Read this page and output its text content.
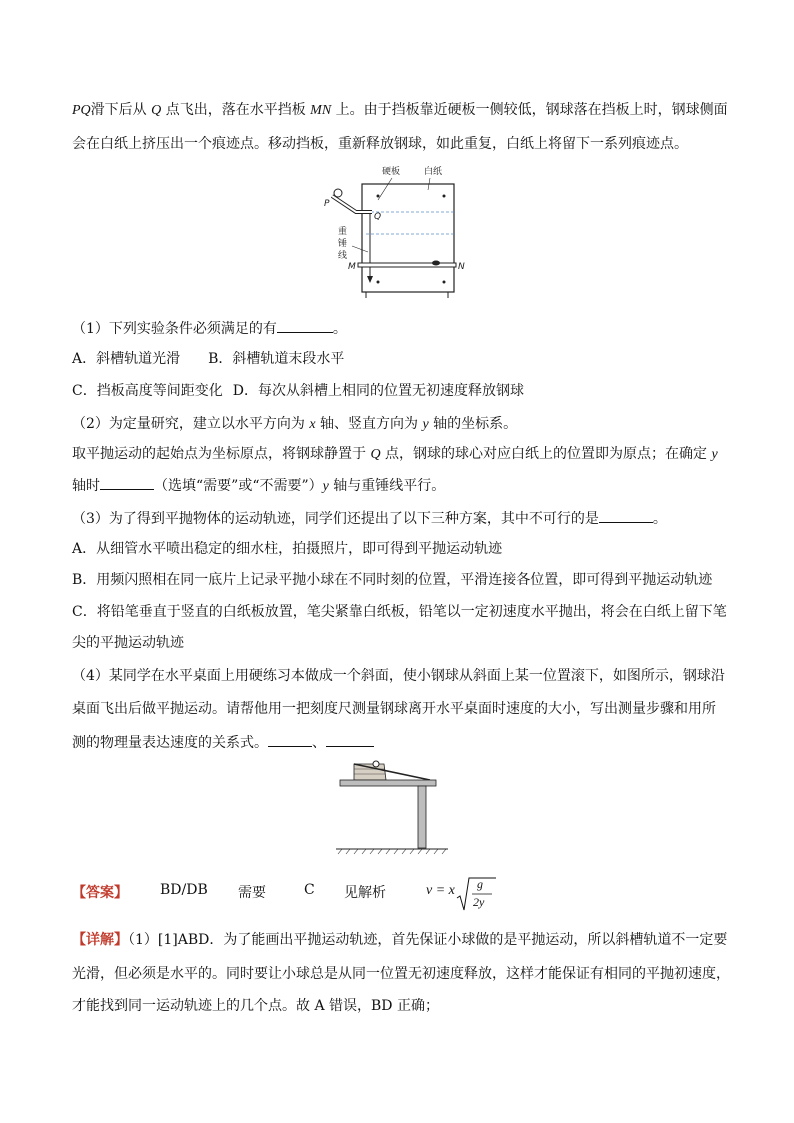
PQ滑下后从 Q 点飞出，落在水平挡板 MN 上。由于挡板靠近硬板一侧较低，钢球落在挡板上时，钢球侧面
会在白纸上挤压出一个痕迹点。移动挡板，重新释放钢球，如此重复，白纸上将留下一系列痕迹点。
硬板	白纸
P
Q
重
锤
线
M	N
（1）下列实验条件必须满足的有	。
A．斜槽轨道光滑 B．斜槽轨道末段水平
C．挡板高度等间距变化 D．每次从斜槽上相同的位置无初速度释放钢球
（2）为定量研究，建立以水平方向为 x 轴、竖直方向为 y 轴的坐标系。
取平抛运动的起始点为坐标原点，将钢球静置于 Q 点，钢球的球心对应白纸上的位置即为原点；在确定 y
轴时	（选填“需要”或“不需要”）y 轴与重锤线平行。
（3）为了得到平抛物体的运动轨迹，同学们还提出了以下三种方案，其中不可行的是	。
A．从细管水平喷出稳定的细水柱，拍摄照片，即可得到平抛运动轨迹
B．用频闪照相在同一底片上记录平抛小球在不同时刻的位置，平滑连接各位置，即可得到平抛运动轨迹
C．将铅笔垂直于竖直的白纸板放置，笔尖紧靠白纸板，铅笔以一定初速度水平抛出，将会在白纸上留下笔
尖的平抛运动轨迹
（4）某同学在水平桌面上用硬练习本做成一个斜面，使小钢球从斜面上某一位置滚下，如图所示，钢球沿
桌面飞出后做平抛运动。请帮他用一把刻度尺测量钢球离开水平桌面时速度的大小，写出测量步骤和用所
测的物理量表达速度的关系式。	、
【答案】 BD/DB 需要	C 见解析	v = x g
2y
【详解】（1）[1]ABD．为了能画出平抛运动轨迹，首先保证小球做的是平抛运动，所以斜槽轨道不一定要
光滑，但必须是水平的。同时要让小球总是从同一位置无初速度释放，这样才能保证有相同的平抛初速度，
才能找到同一运动轨迹上的几个点。故 A 错误，BD 正确；
